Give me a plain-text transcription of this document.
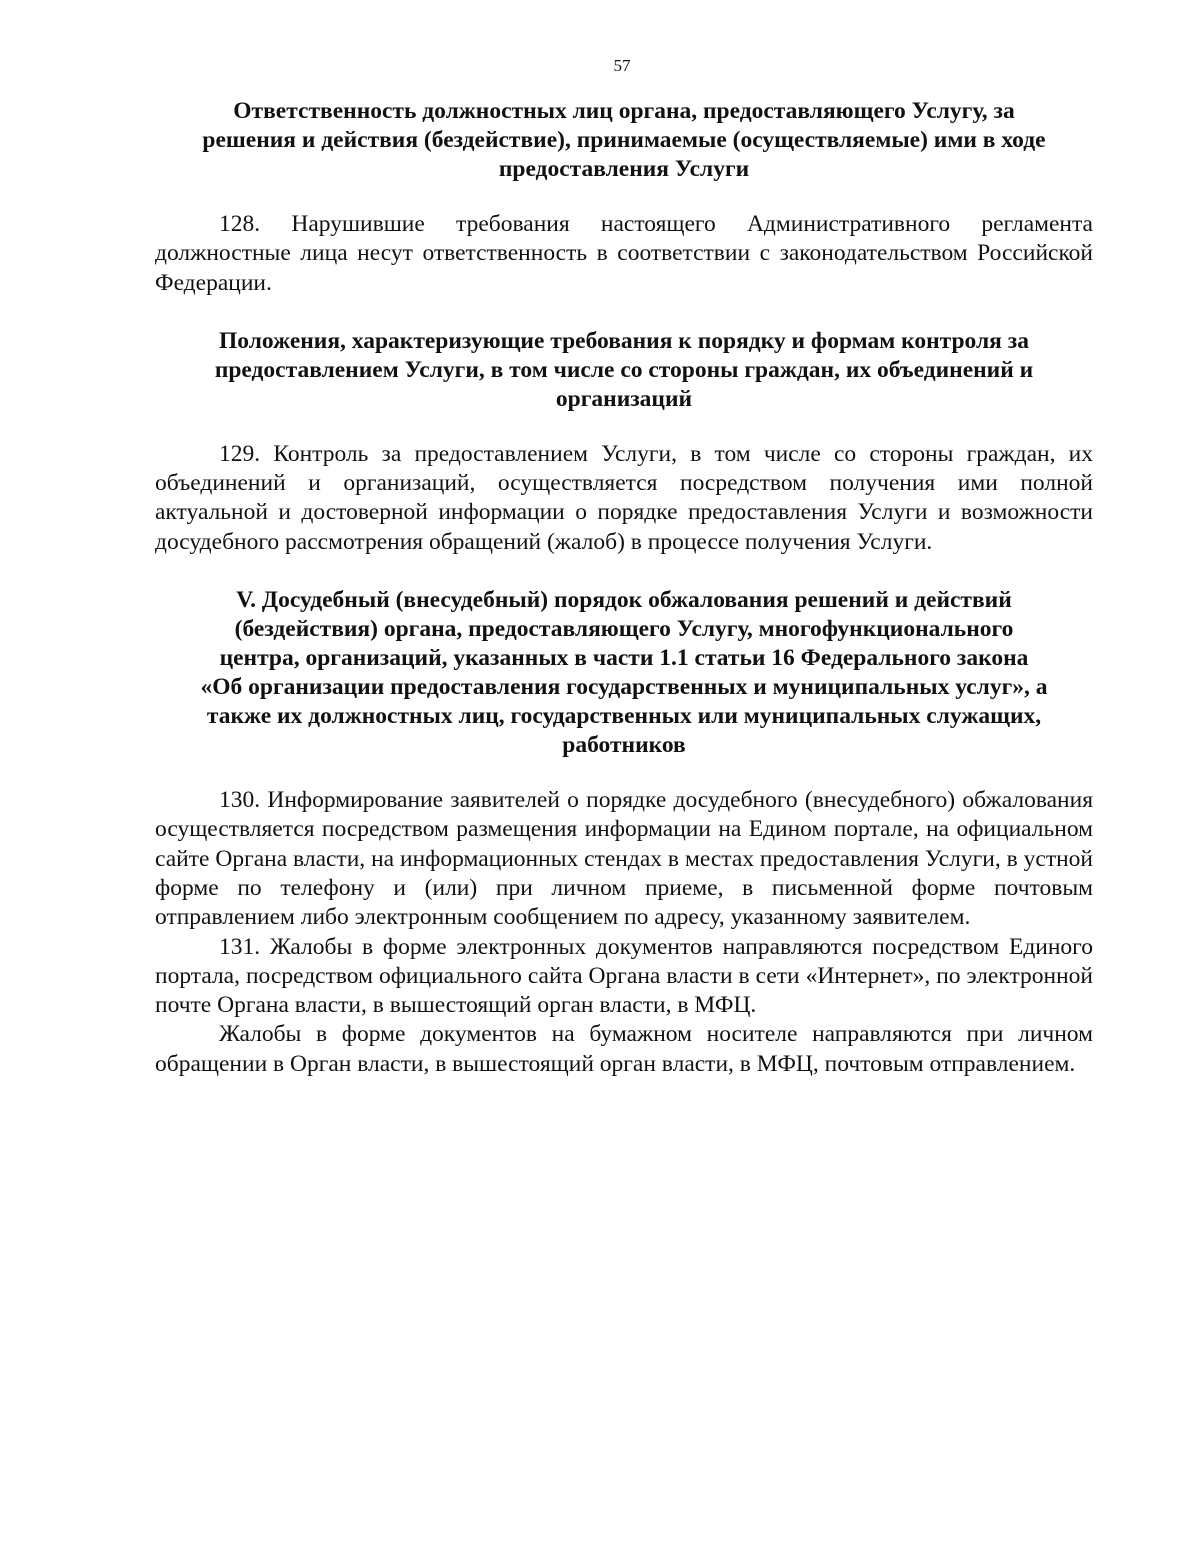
57
Ответственность должностных лиц органа, предоставляющего Услугу, за
решения и действия (бездействие), принимаемые (осуществляемые) ими в ходе
предоставления Услуги

128. Нарушившие требования настоящего Административного регламента должностные лица несут ответственность в соответствии с законодательством Российской Федерации.

Положения, характеризующие требования к порядку и формам контроля за
предоставлением Услуги, в том числе со стороны граждан, их объединений и
организаций

129. Контроль за предоставлением Услуги, в том числе со стороны граждан, их объединений и организаций, осуществляется посредством получения ими полной актуальной и достоверной информации о порядке предоставления Услуги и возможности досудебного рассмотрения обращений (жалоб) в процессе получения Услуги.

V. Досудебный (внесудебный) порядок обжалования решений и действий
(бездействия) органа, предоставляющего Услугу, многофункционального
центра, организаций, указанных в части 1.1 статьи 16 Федерального закона
«Об организации предоставления государственных и муниципальных услуг», а
также их должностных лиц, государственных или муниципальных служащих,
работников

130. Информирование заявителей о порядке досудебного (внесудебного) обжалования осуществляется посредством размещения информации на Едином портале, на официальном сайте Органа власти, на информационных стендах в местах предоставления Услуги, в устной форме по телефону и (или) при личном приеме, в письменной форме почтовым отправлением либо электронным сообщением по адресу, указанному заявителем.

131. Жалобы в форме электронных документов направляются посредством Единого портала, посредством официального сайта Органа власти в сети «Интернет», по электронной почте Органа власти, в вышестоящий орган власти, в МФЦ.

Жалобы в форме документов на бумажном носителе направляются при личном обращении в Орган власти, в вышестоящий орган власти, в МФЦ, почтовым отправлением.
